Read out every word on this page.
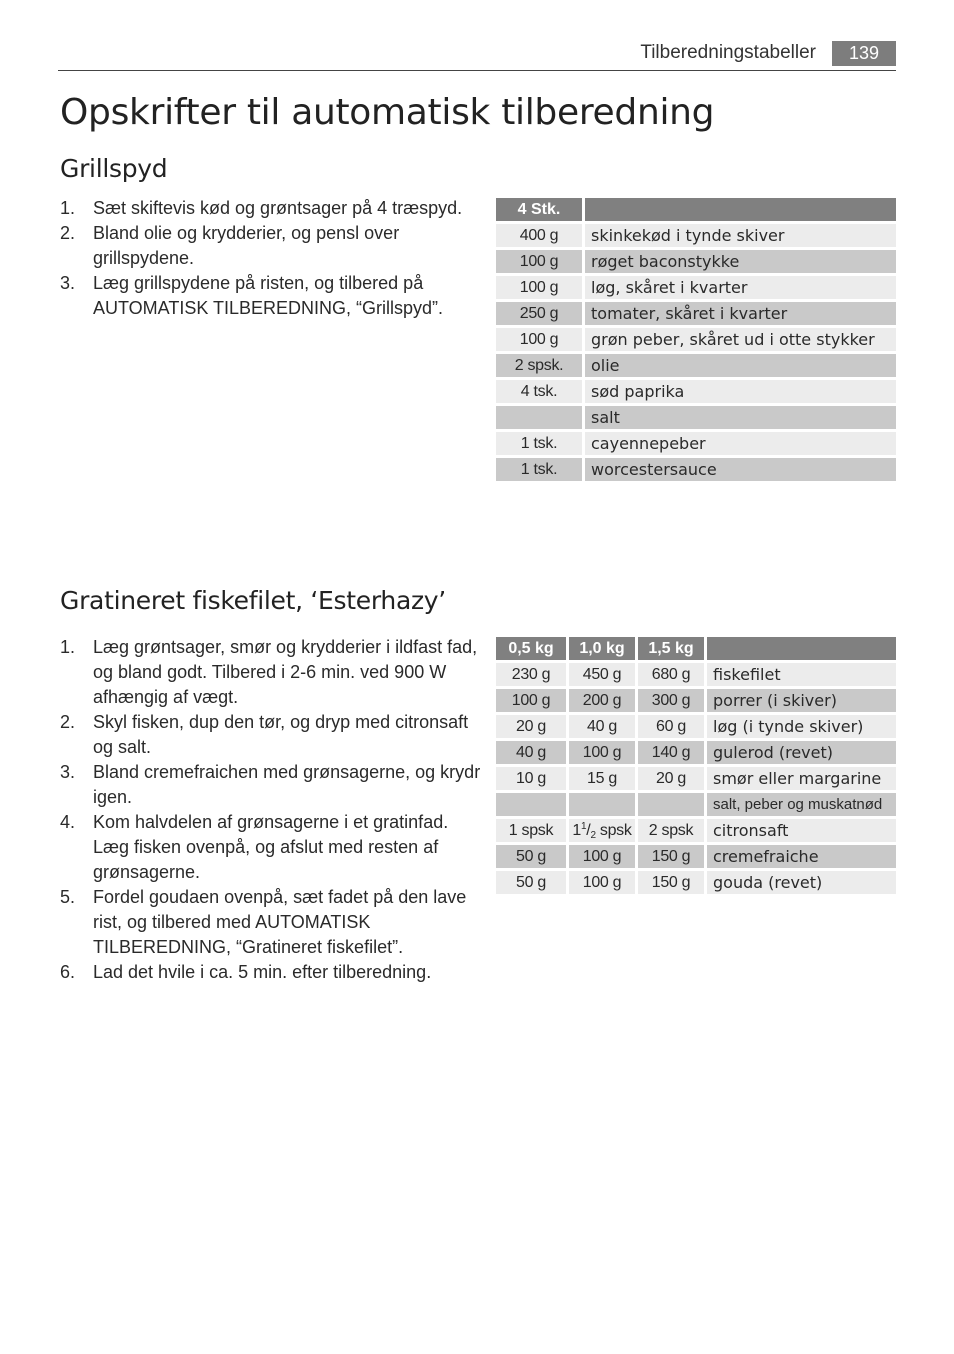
Tilberedningstabeller	139
Opskrifter til automatisk tilberedning
Grillspyd
1. Sæt skiftevis kød og grøntsager på 4 træspyd.
2. Bland olie og krydderier, og pensl over grillspydene.
3. Læg grillspydene på risten, og tilbered på AUTOMATISK TILBEREDNING, “Grillspyd”.
4 Stk.	
400 g	skinkekød i tynde skiver
100 g	røget baconstykke
100 g	løg, skåret i kvarter
250 g	tomater, skåret i kvarter
100 g	grøn peber, skåret ud i otte stykker
2 spsk.	olie
4 tsk.	sød paprika
	salt
1 tsk.	cayennepeber
1 tsk.	worcestersauce
Gratineret fiskefilet, ‘Esterhazy’
1. Læg grøntsager, smør og krydderier i ildfast fad, og bland godt. Tilbered i 2-6 min. ved 900 W afhængig af vægt.
2. Skyl fisken, dup den tør, og dryp med citronsaft og salt.
3. Bland cremefraichen med grønsagerne, og krydr igen.
4. Kom halvdelen af grønsagerne i et gratinfad. Læg fisken ovenpå, og afslut med resten af grønsagerne.
5. Fordel goudaen ovenpå, sæt fadet på den lave rist, og tilbered med AUTOMATISK TILBEREDNING, “Gratineret fiskefilet”.
6. Lad det hvile i ca. 5 min. efter tilberedning.
0,5 kg	1,0 kg	1,5 kg	
230 g	450 g	680 g	fiskefilet
100 g	200 g	300 g	porrer (i skiver)
20 g	40 g	60 g	løg (i tynde skiver)
40 g	100 g	140 g	gulerod (revet)
10 g	15 g	20 g	smør eller margarine
			salt, peber og muskatnød
1 spsk	$1^1/2$ spsk	2 spsk	citronsaft
50 g	100 g	150 g	cremefraiche
50 g	100 g	150 g	gouda (revet)
